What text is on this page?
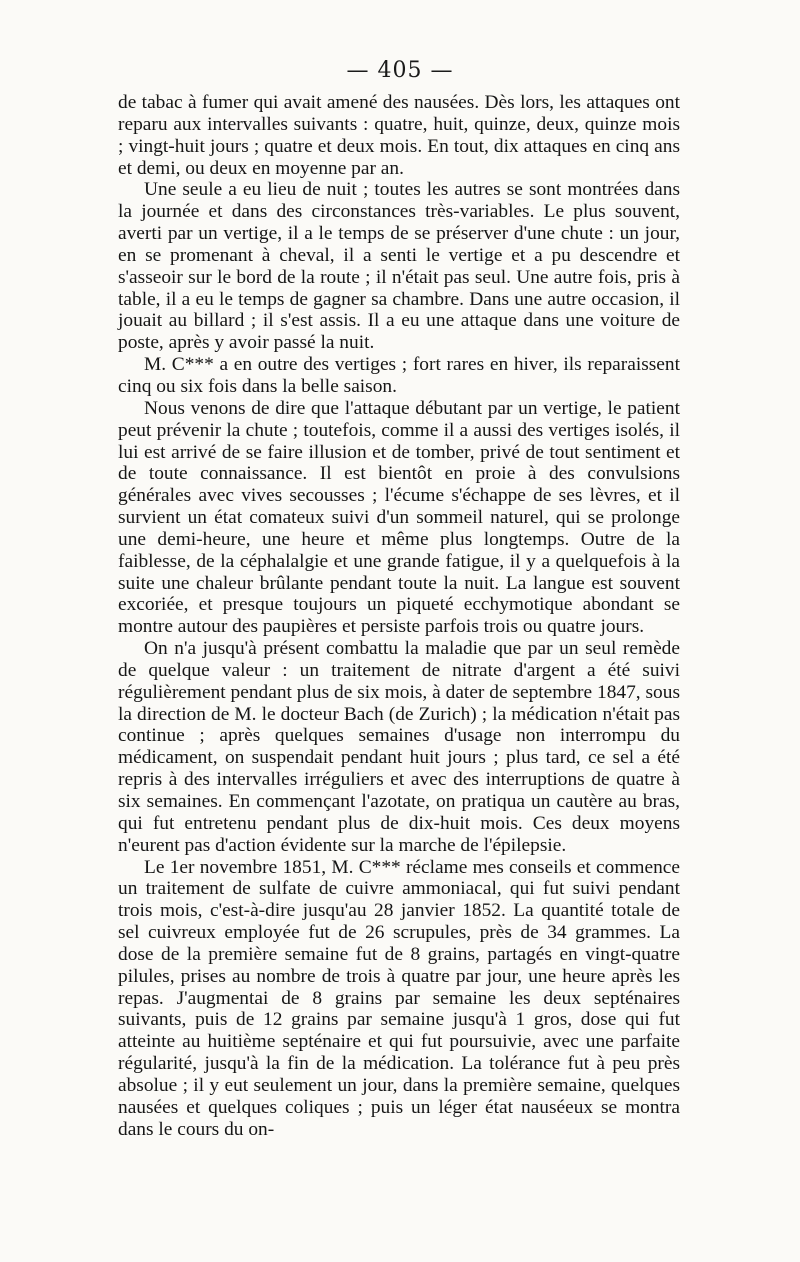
— 405 —

de tabac à fumer qui avait amené des nausées. Dès lors, les attaques ont reparu aux intervalles suivants : quatre, huit, quinze, deux, quinze mois ; vingt-huit jours ; quatre et deux mois. En tout, dix attaques en cinq ans et demi, ou deux en moyenne par an.

Une seule a eu lieu de nuit ; toutes les autres se sont montrées dans la journée et dans des circonstances très-variables. Le plus souvent, averti par un vertige, il a le temps de se préserver d'une chute : un jour, en se promenant à cheval, il a senti le vertige et a pu descendre et s'asseoir sur le bord de la route ; il n'était pas seul. Une autre fois, pris à table, il a eu le temps de gagner sa chambre. Dans une autre occasion, il jouait au billard ; il s'est assis. Il a eu une attaque dans une voiture de poste, après y avoir passé la nuit.

M. C*** a en outre des vertiges ; fort rares en hiver, ils reparaissent cinq ou six fois dans la belle saison.

Nous venons de dire que l'attaque débutant par un vertige, le patient peut prévenir la chute ; toutefois, comme il a aussi des vertiges isolés, il lui est arrivé de se faire illusion et de tomber, privé de tout sentiment et de toute connaissance. Il est bientôt en proie à des convulsions générales avec vives secousses ; l'écume s'échappe de ses lèvres, et il survient un état comateux suivi d'un sommeil naturel, qui se prolonge une demi-heure, une heure et même plus longtemps. Outre de la faiblesse, de la céphalalgie et une grande fatigue, il y a quelquefois à la suite une chaleur brûlante pendant toute la nuit. La langue est souvent excoriée, et presque toujours un piqueté ecchymotique abondant se montre autour des paupières et persiste parfois trois ou quatre jours.

On n'a jusqu'à présent combattu la maladie que par un seul remède de quelque valeur : un traitement de nitrate d'argent a été suivi régulièrement pendant plus de six mois, à dater de septembre 1847, sous la direction de M. le docteur Bach (de Zurich) ; la médication n'était pas continue ; après quelques semaines d'usage non interrompu du médicament, on suspendait pendant huit jours ; plus tard, ce sel a été repris à des intervalles irréguliers et avec des interruptions de quatre à six semaines. En commençant l'azotate, on pratiqua un cautère au bras, qui fut entretenu pendant plus de dix-huit mois. Ces deux moyens n'eurent pas d'action évidente sur la marche de l'épilepsie.

Le 1er novembre 1851, M. C*** réclame mes conseils et commence un traitement de sulfate de cuivre ammoniacal, qui fut suivi pendant trois mois, c'est-à-dire jusqu'au 28 janvier 1852. La quantité totale de sel cuivreux employée fut de 26 scrupules, près de 34 grammes. La dose de la première semaine fut de 8 grains, partagés en vingt-quatre pilules, prises au nombre de trois à quatre par jour, une heure après les repas. J'augmentai de 8 grains par semaine les deux septénaires suivants, puis de 12 grains par semaine jusqu'à 1 gros, dose qui fut atteinte au huitième septénaire et qui fut poursuivie, avec une parfaite régularité, jusqu'à la fin de la médication. La tolérance fut à peu près absolue ; il y eut seulement un jour, dans la première semaine, quelques nausées et quelques coliques ; puis un léger état nauséeux se montra dans le cours du on-
